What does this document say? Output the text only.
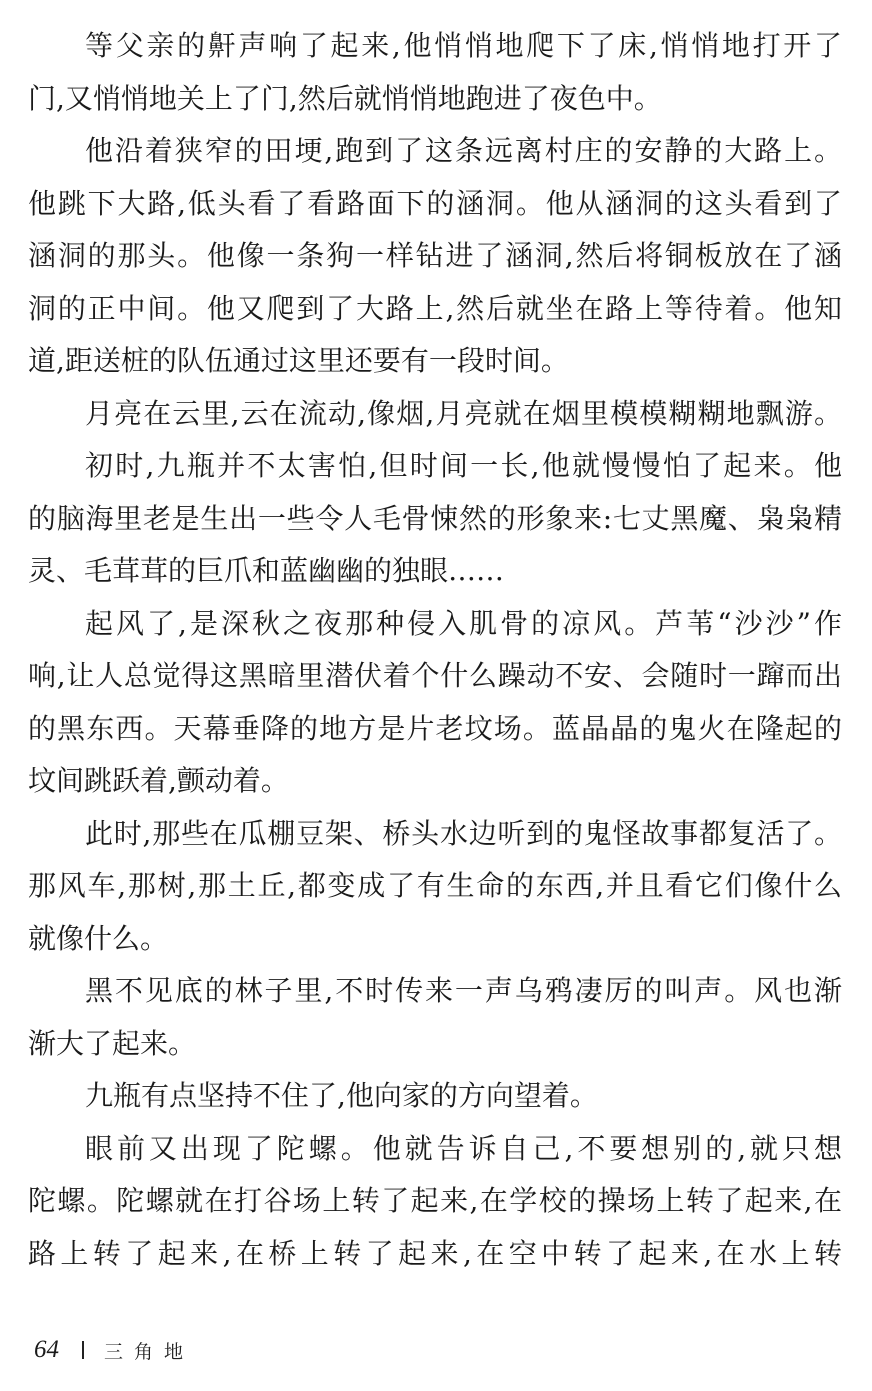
等父亲的鼾声响了起来,他悄悄地爬下了床,悄悄地打开了
门,又悄悄地关上了门,然后就悄悄地跑进了夜色中。
他沿着狭窄的田埂,跑到了这条远离村庄的安静的大路上。
他跳下大路,低头看了看路面下的涵洞。他从涵洞的这头看到了
涵洞的那头。他像一条狗一样钻进了涵洞,然后将铜板放在了涵
洞的正中间。他又爬到了大路上,然后就坐在路上等待着。他知
道,距送桩的队伍通过这里还要有一段时间。
月亮在云里,云在流动,像烟,月亮就在烟里模模糊糊地飘游。
初时,九瓶并不太害怕,但时间一长,他就慢慢怕了起来。他
的脑海里老是生出一些令人毛骨悚然的形象来:七丈黑魔、枭枭精
灵、毛茸茸的巨爪和蓝幽幽的独眼……
起风了,是深秋之夜那种侵入肌骨的凉风。芦苇“沙沙”作
响,让人总觉得这黑暗里潜伏着个什么躁动不安、会随时一蹿而出
的黑东西。天幕垂降的地方是片老坟场。蓝晶晶的鬼火在隆起的
坟间跳跃着,颤动着。
此时,那些在瓜棚豆架、桥头水边听到的鬼怪故事都复活了。
那风车,那树,那土丘,都变成了有生命的东西,并且看它们像什么
就像什么。
黑不见底的林子里,不时传来一声乌鸦凄厉的叫声。风也渐
渐大了起来。
九瓶有点坚持不住了,他向家的方向望着。
眼前又出现了陀螺。他就告诉自己,不要想别的,就只想
陀螺。陀螺就在打谷场上转了起来,在学校的操场上转了起来,在
路上转了起来,在桥上转了起来,在空中转了起来,在水上转
64 三角地
